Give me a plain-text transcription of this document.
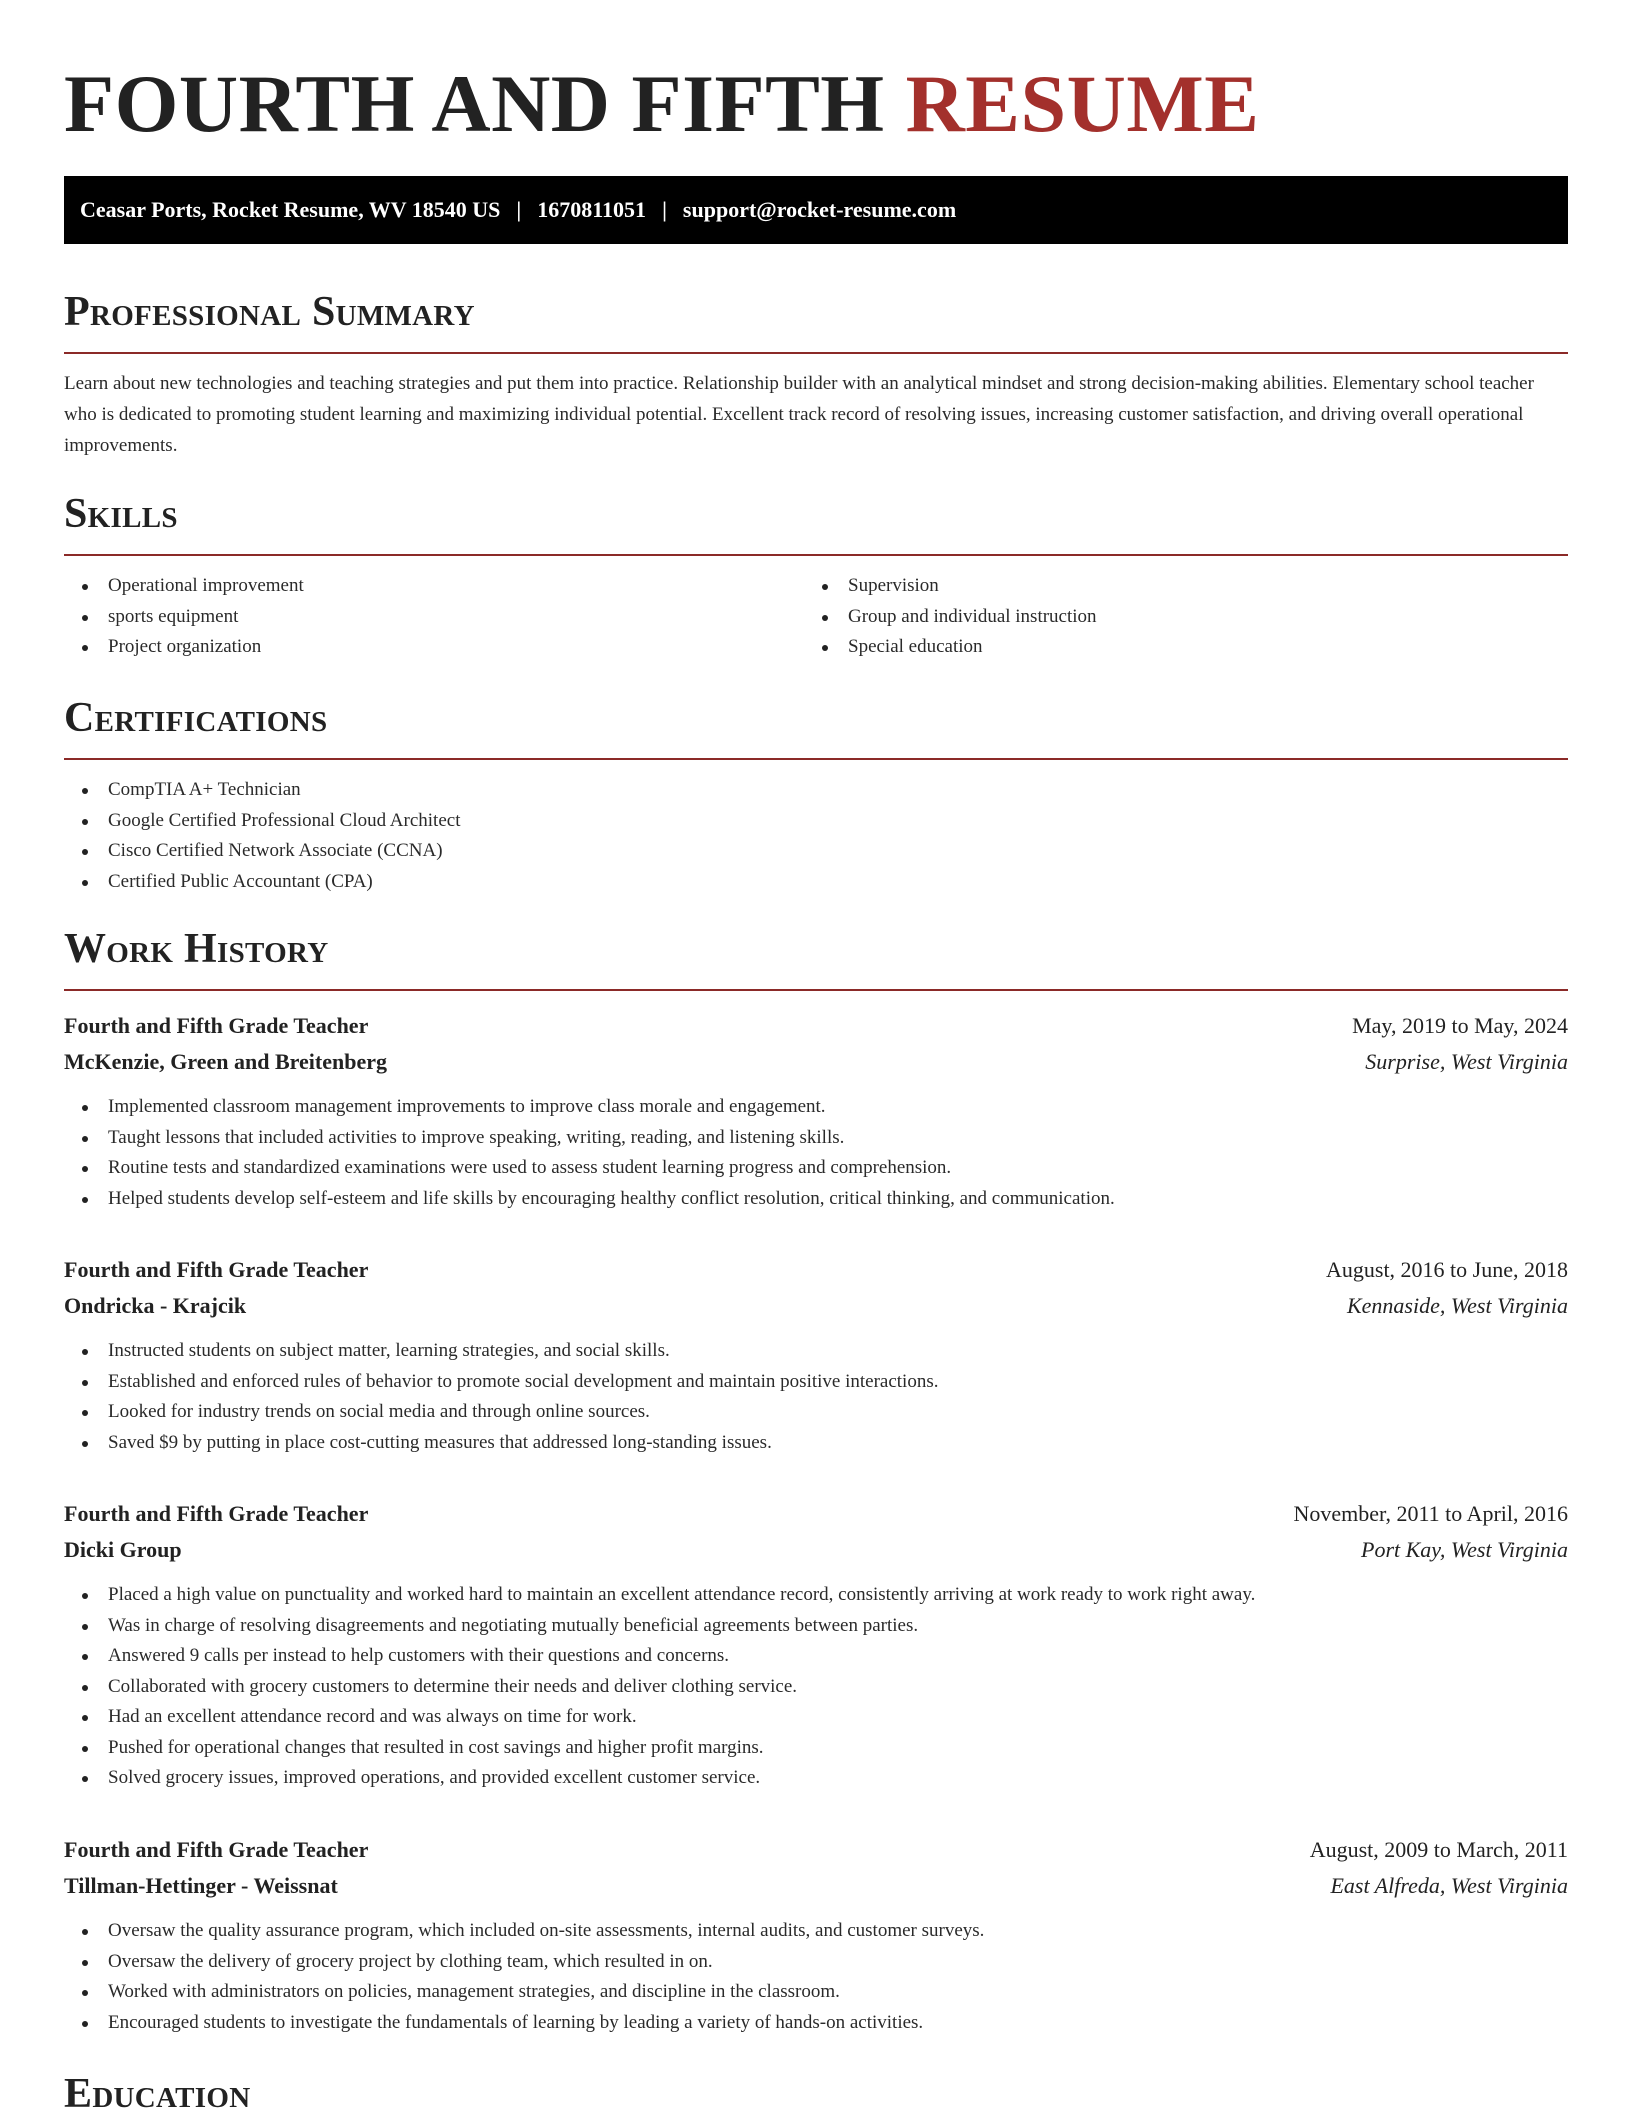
FOURTH AND FIFTH RESUME
Ceasar Ports, Rocket Resume, WV 18540 US | 1670811051 | support@rocket-resume.com
Professional Summary

Learn about new technologies and teaching strategies and put them into practice. Relationship builder with an analytical mindset and strong decision-making abilities. Elementary school teacher who is dedicated to promoting student learning and maximizing individual potential. Excellent track record of resolving issues, increasing customer satisfaction, and driving overall operational improvements.

Skills
Operational improvement
sports equipment
Project organization
Supervision
Group and individual instruction
Special education
Certifications
CompTIA A+ Technician
Google Certified Professional Cloud Architect
Cisco Certified Network Associate (CCNA)
Certified Public Accountant (CPA)
Work History
Fourth and Fifth Grade Teacher	May, 2019 to May, 2024
McKenzie, Green and Breitenberg	Surprise, West Virginia
Implemented classroom management improvements to improve class morale and engagement.
Taught lessons that included activities to improve speaking, writing, reading, and listening skills.
Routine tests and standardized examinations were used to assess student learning progress and comprehension.
Helped students develop self-esteem and life skills by encouraging healthy conflict resolution, critical thinking, and communication.
Fourth and Fifth Grade Teacher	August, 2016 to June, 2018
Ondricka - Krajcik	Kennaside, West Virginia
Instructed students on subject matter, learning strategies, and social skills.
Established and enforced rules of behavior to promote social development and maintain positive interactions.
Looked for industry trends on social media and through online sources.
Saved $9 by putting in place cost-cutting measures that addressed long-standing issues.
Fourth and Fifth Grade Teacher	November, 2011 to April, 2016
Dicki Group	Port Kay, West Virginia
Placed a high value on punctuality and worked hard to maintain an excellent attendance record, consistently arriving at work ready to work right away.
Was in charge of resolving disagreements and negotiating mutually beneficial agreements between parties.
Answered 9 calls per instead to help customers with their questions and concerns.
Collaborated with grocery customers to determine their needs and deliver clothing service.
Had an excellent attendance record and was always on time for work.
Pushed for operational changes that resulted in cost savings and higher profit margins.
Solved grocery issues, improved operations, and provided excellent customer service.
Fourth and Fifth Grade Teacher	August, 2009 to March, 2011
Tillman-Hettinger - Weissnat	East Alfreda, West Virginia
Oversaw the quality assurance program, which included on-site assessments, internal audits, and customer surveys.
Oversaw the delivery of grocery project by clothing team, which resulted in on.
Worked with administrators on policies, management strategies, and discipline in the classroom.
Encouraged students to investigate the fundamentals of learning by leading a variety of hands-on activities.
Education
